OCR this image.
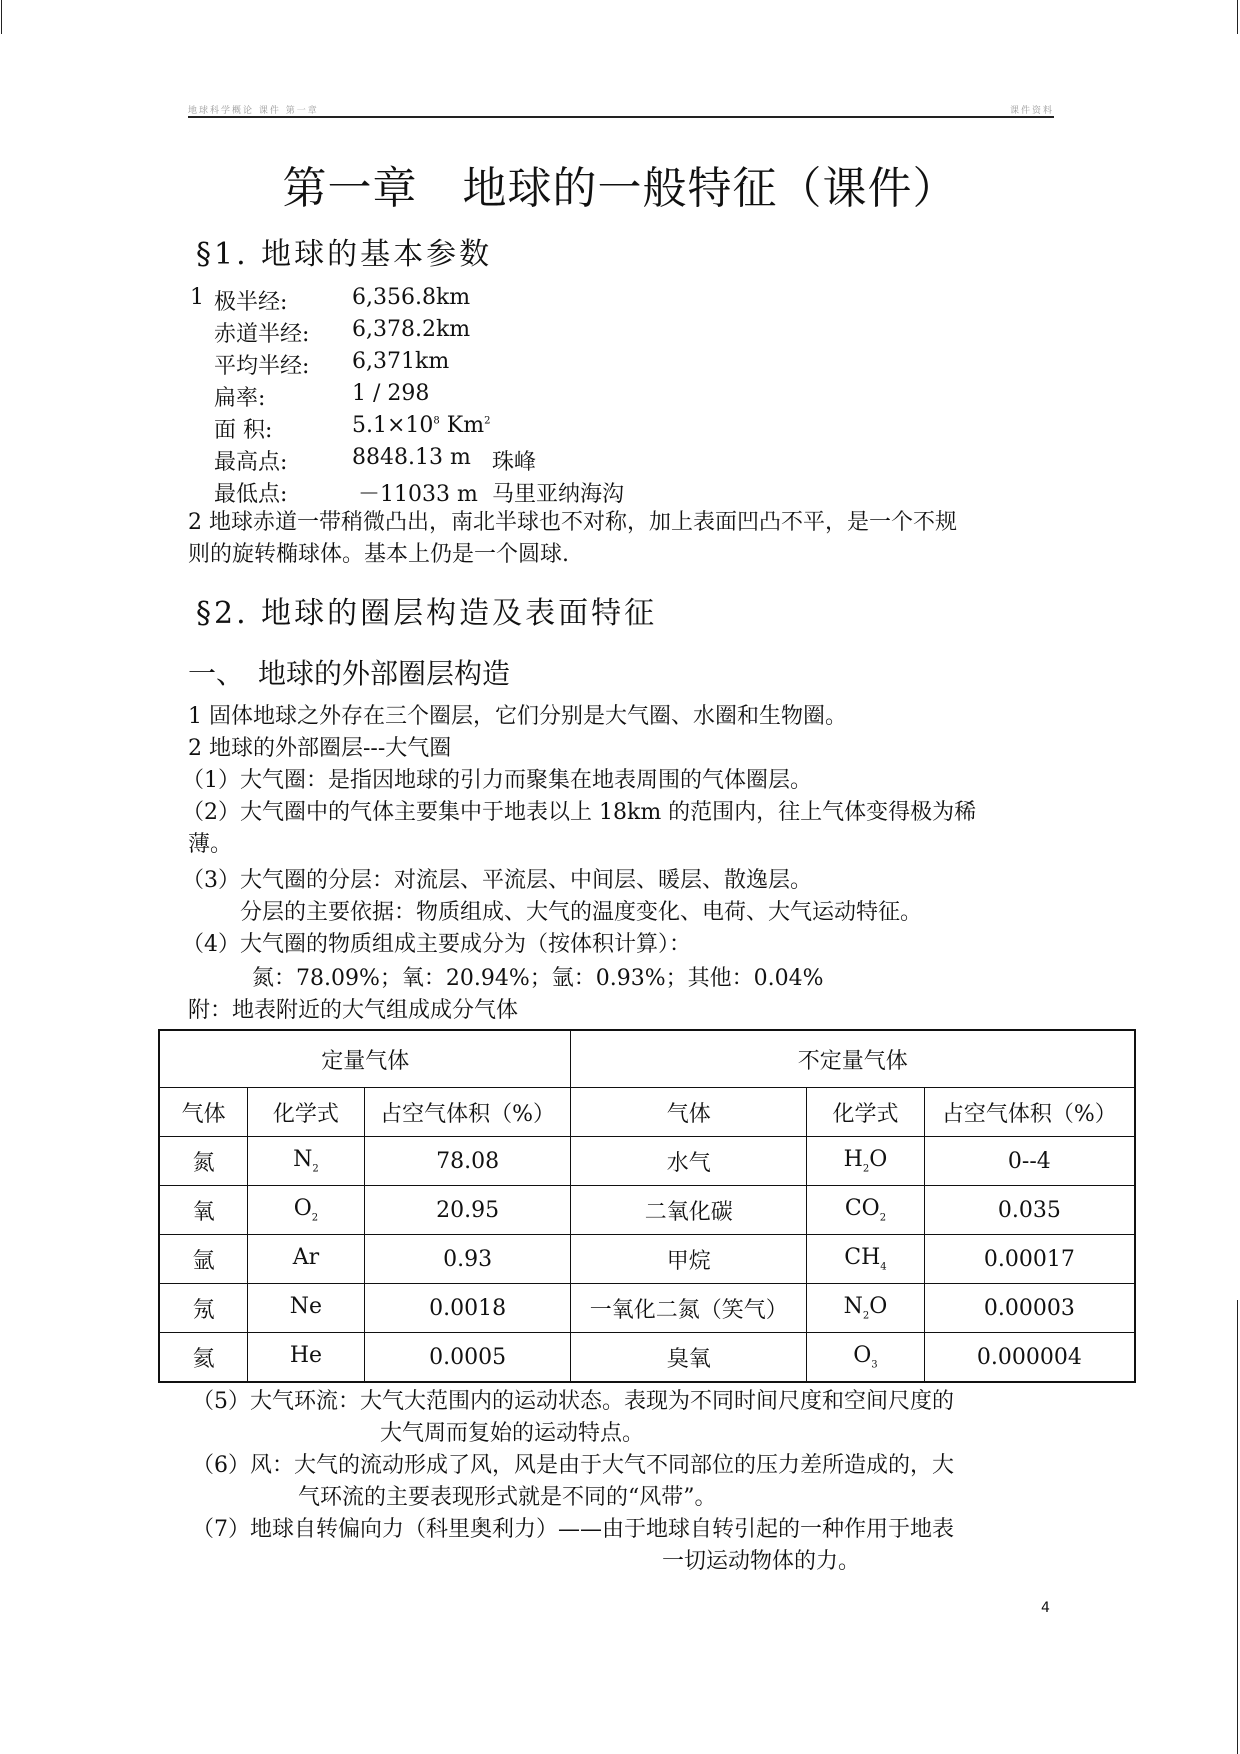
地球科学概论 课件 第一章	课件资料
第一章　地球的一般特征（课件）
§1. 地球的基本参数
1 极半经:	6,356.8km
赤道半经: 6,378.2km
平均半经: 6,371km
扁率:	1 / 298
面 积:	$5.1\times 10^8$ Km$^2$
最高点:	8848.13 m 珠峰
最低点:	－11033 m 马里亚纳海沟
2 地球赤道一带稍微凸出，南北半球也不对称，加上表面凹凸不平，是一个不规
则的旋转椭球体。基本上仍是一个圆球.
§2. 地球的圈层构造及表面特征
一、　地球的外部圈层构造
1 固体地球之外存在三个圈层，它们分别是大气圈、水圈和生物圈。
2 地球的外部圈层---大气圈
（1）大气圈：是指因地球的引力而聚集在地表周围的气体圈层。
（2）大气圈中的气体主要集中于地表以上 18km 的范围内，往上气体变得极为稀
薄。
（3）大气圈的分层：对流层、平流层、中间层、暖层、散逸层。
分层的主要依据：物质组成、大气的温度变化、电荷、大气运动特征。
（4）大气圈的物质组成主要成分为（按体积计算）：
氮：78.09%；氧：20.94%；氩：0.93%；其他：0.04%
附：地表附近的大气组成成分气体
定量气体			不定量气体		
气体	化学式	占空气体积（%）	气体	化学式	占空气体积（%）
氮	$N_2$	78.08	水气	$H_2O$	0--4
氧	$O_2$	20.95	二氧化碳	$CO_2$	0.035
氩	Ar	0.93	甲烷	$CH_4$	0.00017
氖	Ne	0.0018	一氧化二氮（笑气）	$N_2O$	0.00003
氦	He	0.0005	臭氧	$O_3$	0.000004
（5）大气环流：大气大范围内的运动状态。表现为不同时间尺度和空间尺度的
大气周而复始的运动特点。
（6）风：大气的流动形成了风，风是由于大气不同部位的压力差所造成的，大
气环流的主要表现形式就是不同的“风带”。
（7）地球自转偏向力（科里奥利力）——由于地球自转引起的一种作用于地表
一切运动物体的力。
4
